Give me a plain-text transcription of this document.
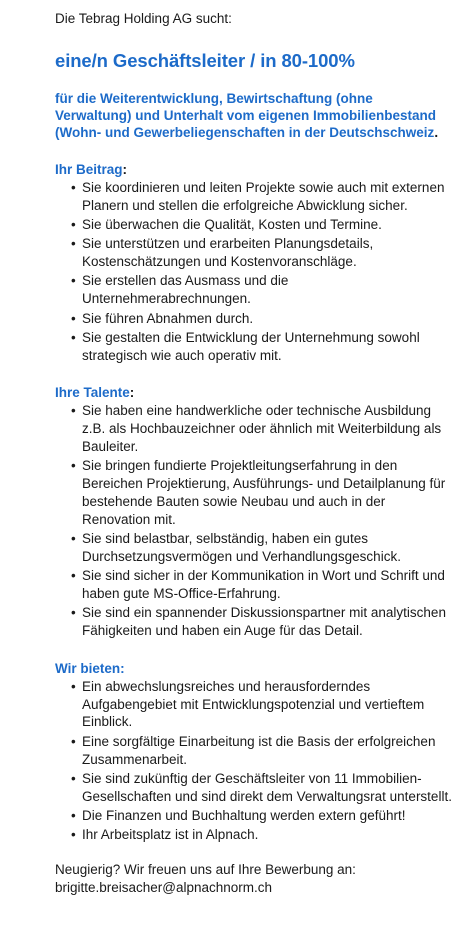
Die Tebrag Holding AG sucht:

eine/n Geschäftsleiter / in 80-100%

für die Weiterentwicklung, Bewirtschaftung (ohne Verwaltung) und Unterhalt vom eigenen Immobilienbestand (Wohn- und Gewerbeliegenschaften in der Deutschschweiz.

Ihr Beitrag:

• Sie koordinieren und leiten Projekte sowie auch mit externen Planern und stellen die erfolgreiche Abwicklung sicher.
• Sie überwachen die Qualität, Kosten und Termine.
• Sie unterstützen und erarbeiten Planungsdetails, Kostenschätzungen und Kostenvoranschläge.
• Sie erstellen das Ausmass und die Unternehmerabrechnungen.
• Sie führen Abnahmen durch.
• Sie gestalten die Entwicklung der Unternehmung sowohl strategisch wie auch operativ mit.

Ihre Talente:

• Sie haben eine handwerkliche oder technische Ausbildung z.B. als Hochbauzeichner oder ähnlich mit Weiterbildung als Bauleiter.
• Sie bringen fundierte Projektleitungserfahrung in den Bereichen Projektierung, Ausführungs- und Detailplanung für bestehende Bauten sowie Neubau und auch in der Renovation mit.
• Sie sind belastbar, selbständig, haben ein gutes Durchsetzungsvermögen und Verhandlungsgeschick.
• Sie sind sicher in der Kommunikation in Wort und Schrift und haben gute MS-Office-Erfahrung.
• Sie sind ein spannender Diskussionspartner mit analytischen Fähigkeiten und haben ein Auge für das Detail.

Wir bieten:

• Ein abwechslungsreiches und herausforderndes Aufgabengebiet mit Entwicklungspotenzial und vertieftem Einblick.
• Eine sorgfältige Einarbeitung ist die Basis der erfolgreichen Zusammenarbeit.
• Sie sind zukünftig der Geschäftsleiter von 11 Immobilien- Gesellschaften und sind direkt dem Verwaltungsrat unterstellt.
• Die Finanzen und Buchhaltung werden extern geführt!
• Ihr Arbeitsplatz ist in Alpnach.

Neugierig? Wir freuen uns auf Ihre Bewerbung an:

brigitte.breisacher@alpnachnorm.ch
